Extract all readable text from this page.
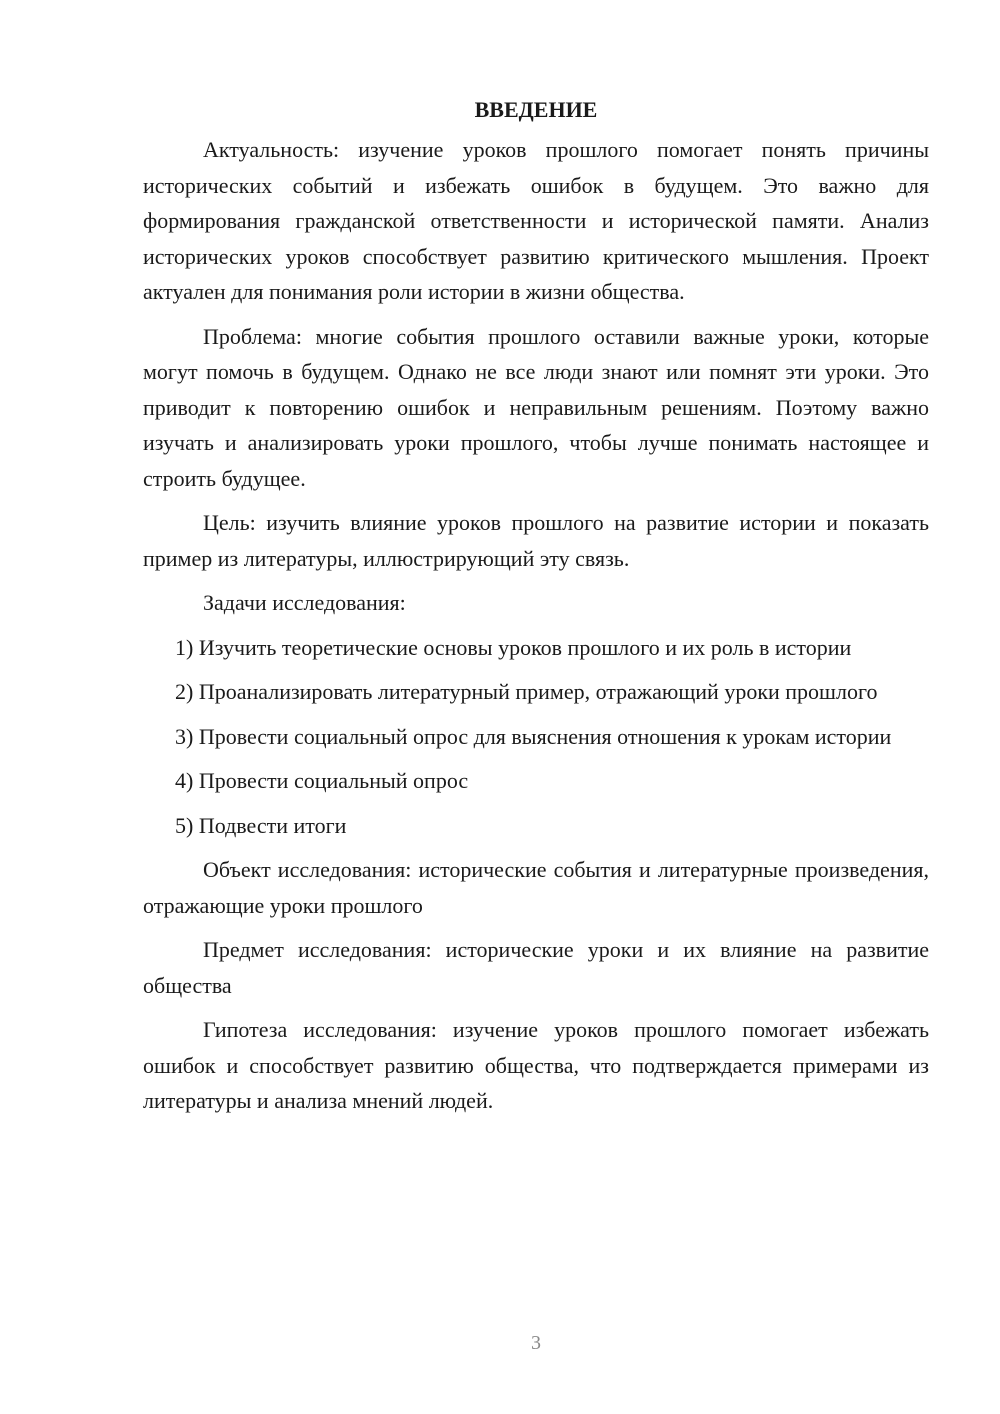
ВВЕДЕНИЕ

Актуальность: изучение уроков прошлого помогает понять причины исторических событий и избежать ошибок в будущем. Это важно для формирования гражданской ответственности и исторической памяти. Анализ исторических уроков способствует развитию критического мышления. Проект актуален для понимания роли истории в жизни общества.

Проблема: многие события прошлого оставили важные уроки, которые могут помочь в будущем. Однако не все люди знают или помнят эти уроки. Это приводит к повторению ошибок и неправильным решениям. Поэтому важно изучать и анализировать уроки прошлого, чтобы лучше понимать настоящее и строить будущее.

Цель: изучить влияние уроков прошлого на развитие истории и показать пример из литературы, иллюстрирующий эту связь.

Задачи исследования:

1) Изучить теоретические основы уроков прошлого и их роль в истории

2) Проанализировать литературный пример, отражающий уроки прошлого

3) Провести социальный опрос для выяснения отношения к урокам истории

4) Провести социальный опрос

5) Подвести итоги

Объект исследования: исторические события и литературные произведения, отражающие уроки прошлого

Предмет исследования: исторические уроки и их влияние на развитие общества

Гипотеза исследования: изучение уроков прошлого помогает избежать ошибок и способствует развитию общества, что подтверждается примерами из литературы и анализа мнений людей.

3
